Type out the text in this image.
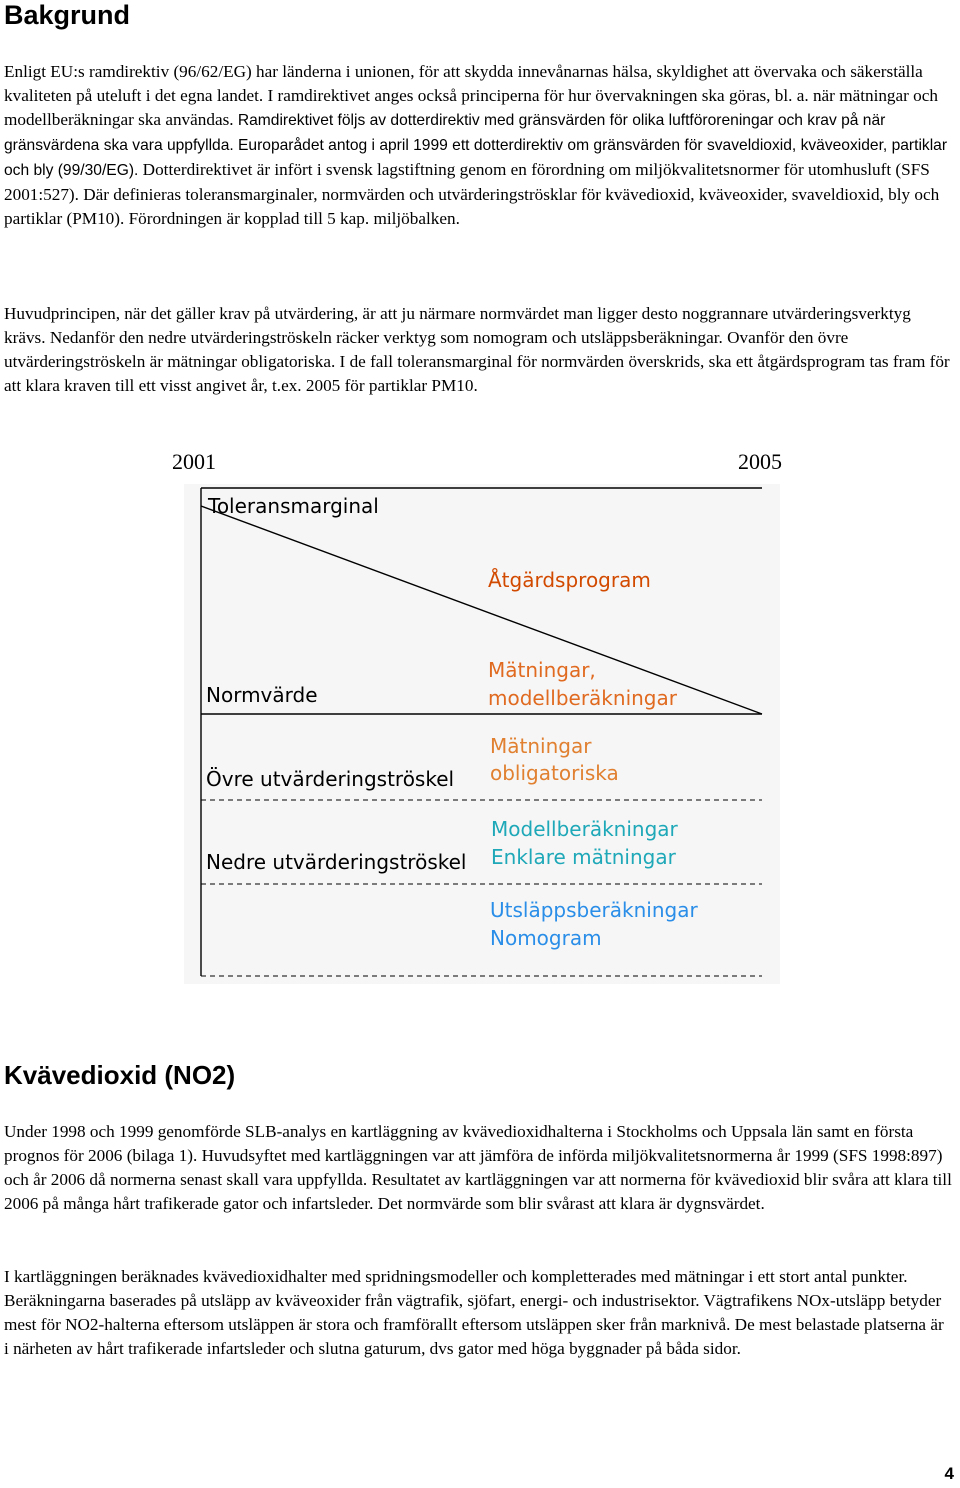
Bakgrund

Enligt EU:s ramdirektiv (96/62/EG) har länderna i unionen, för att skydda innevånarnas hälsa, skyldighet att övervaka och säkerställa kvaliteten på uteluft i det egna landet. I ramdirektivet anges också principerna för hur övervakningen ska göras, bl. a. när mätningar och modellberäkningar ska användas. Ramdirektivet följs av dotterdirektiv med gränsvärden för olika luftföroreningar och krav på när gränsvärdena ska vara uppfyllda. Europarådet antog i april 1999 ett dotterdirektiv om gränsvärden för svaveldioxid, kväveoxider, partiklar och bly (99/30/EG). Dotterdirektivet är infört i svensk lagstiftning genom en förordning om miljökvalitetsnormer för utomhusluft (SFS 2001:527). Där definieras toleransmarginaler, normvärden och utvärderingströsklar för kvävedioxid, kväveoxider, svaveldioxid, bly och partiklar (PM10). Förordningen är kopplad till 5 kap. miljöbalken.

Huvudprincipen, när det gäller krav på utvärdering, är att ju närmare normvärdet man ligger desto noggrannare utvärderingsverktyg krävs. Nedanför den nedre utvärderingströskeln räcker verktyg som nomogram och utsläppsberäkningar. Ovanför den övre utvärderingströskeln är mätningar obligatoriska. I de fall toleransmarginal för normvärden överskrids, ska ett åtgärdsprogram tas fram för att klara kraven till ett visst angivet år, t.ex. 2005 för partiklar PM10.

2001	2005
Toleransmarginal
Normvärde
Övre utvärderingströskel
Nedre utvärderingströskel
Åtgärdsprogram
Mätningar,
modellberäkningar
Mätningar
obligatoriska
Modellberäkningar
Enklare mätningar
Utsläppsberäkningar
Nomogram
Kvävedioxid (NO2)

Under 1998 och 1999 genomförde SLB-analys en kartläggning av kvävedioxidhalterna i Stockholms och Uppsala län samt en första prognos för 2006 (bilaga 1). Huvudsyftet med kartläggningen var att jämföra de införda miljökvalitetsnormerna år 1999 (SFS 1998:897) och år 2006 då normerna senast skall vara uppfyllda. Resultatet av kartläggningen var att normerna för kvävedioxid blir svåra att klara till 2006 på många hårt trafikerade gator och infartsleder. Det normvärde som blir svårast att klara är dygnsvärdet.

I kartläggningen beräknades kvävedioxidhalter med spridningsmodeller och kompletterades med mätningar i ett stort antal punkter. Beräkningarna baserades på utsläpp av kväveoxider från vägtrafik, sjöfart, energi- och industrisektor. Vägtrafikens NOx-utsläpp betyder mest för NO2-halterna eftersom utsläppen är stora och framförallt eftersom utsläppen sker från marknivå. De mest belastade platserna är i närheten av hårt trafikerade infartsleder och slutna gaturum, dvs gator med höga byggnader på båda sidor.

4
